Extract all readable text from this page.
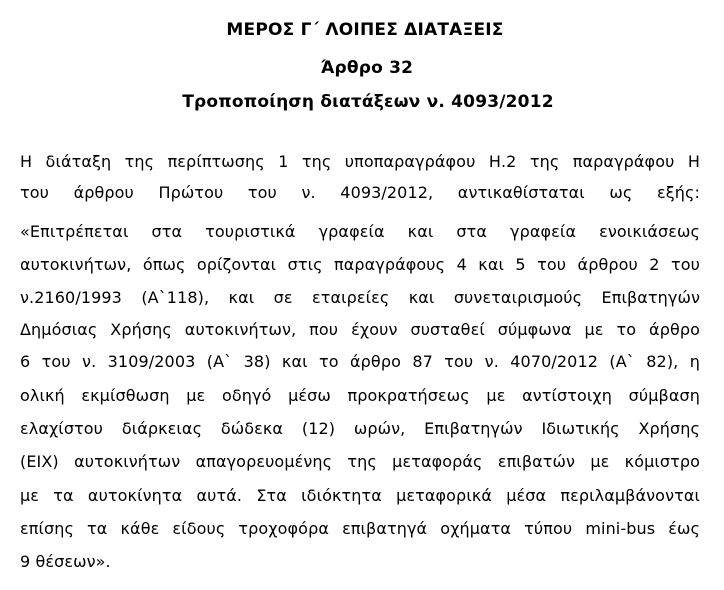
ΜΕΡΟΣ Γ΄ ΛΟΙΠΕΣ ΔΙΑΤΑΞΕΙΣ
Άρθρο 32
Τροποποίηση διατάξεων ν. 4093/2012
Η διάταξη της περίπτωσης 1 της υποπαραγράφου Η.2 της παραγράφου Η
του άρθρου Πρώτου του ν. 4093/2012, αντικαθίσταται ως εξής:
«Επιτρέπεται στα τουριστικά γραφεία και στα γραφεία ενοικιάσεως
αυτοκινήτων, όπως ορίζονται στις παραγράφους 4 και 5 του άρθρου 2 του
ν.2160/1993 (Α`118), και σε εταιρείες και συνεταιρισμούς Επιβατηγών
Δημόσιας Χρήσης αυτοκινήτων, που έχουν συσταθεί σύμφωνα με το άρθρο
6 του ν. 3109/2003 (Α` 38) και το άρθρο 87 του ν. 4070/2012 (Α` 82), η
ολική εκμίσθωση με οδηγό μέσω προκρατήσεως με αντίστοιχη σύμβαση
ελαχίστου διάρκειας δώδεκα (12) ωρών, Επιβατηγών Ιδιωτικής Χρήσης
(ΕΙΧ) αυτοκινήτων απαγορευομένης της μεταφοράς επιβατών με κόμιστρο
με τα αυτοκίνητα αυτά. Στα ιδιόκτητα μεταφορικά μέσα περιλαμβάνονται
επίσης τα κάθε είδους τροχοφόρα επιβατηγά οχήματα τύπου mini-bus έως
9 θέσεων».
